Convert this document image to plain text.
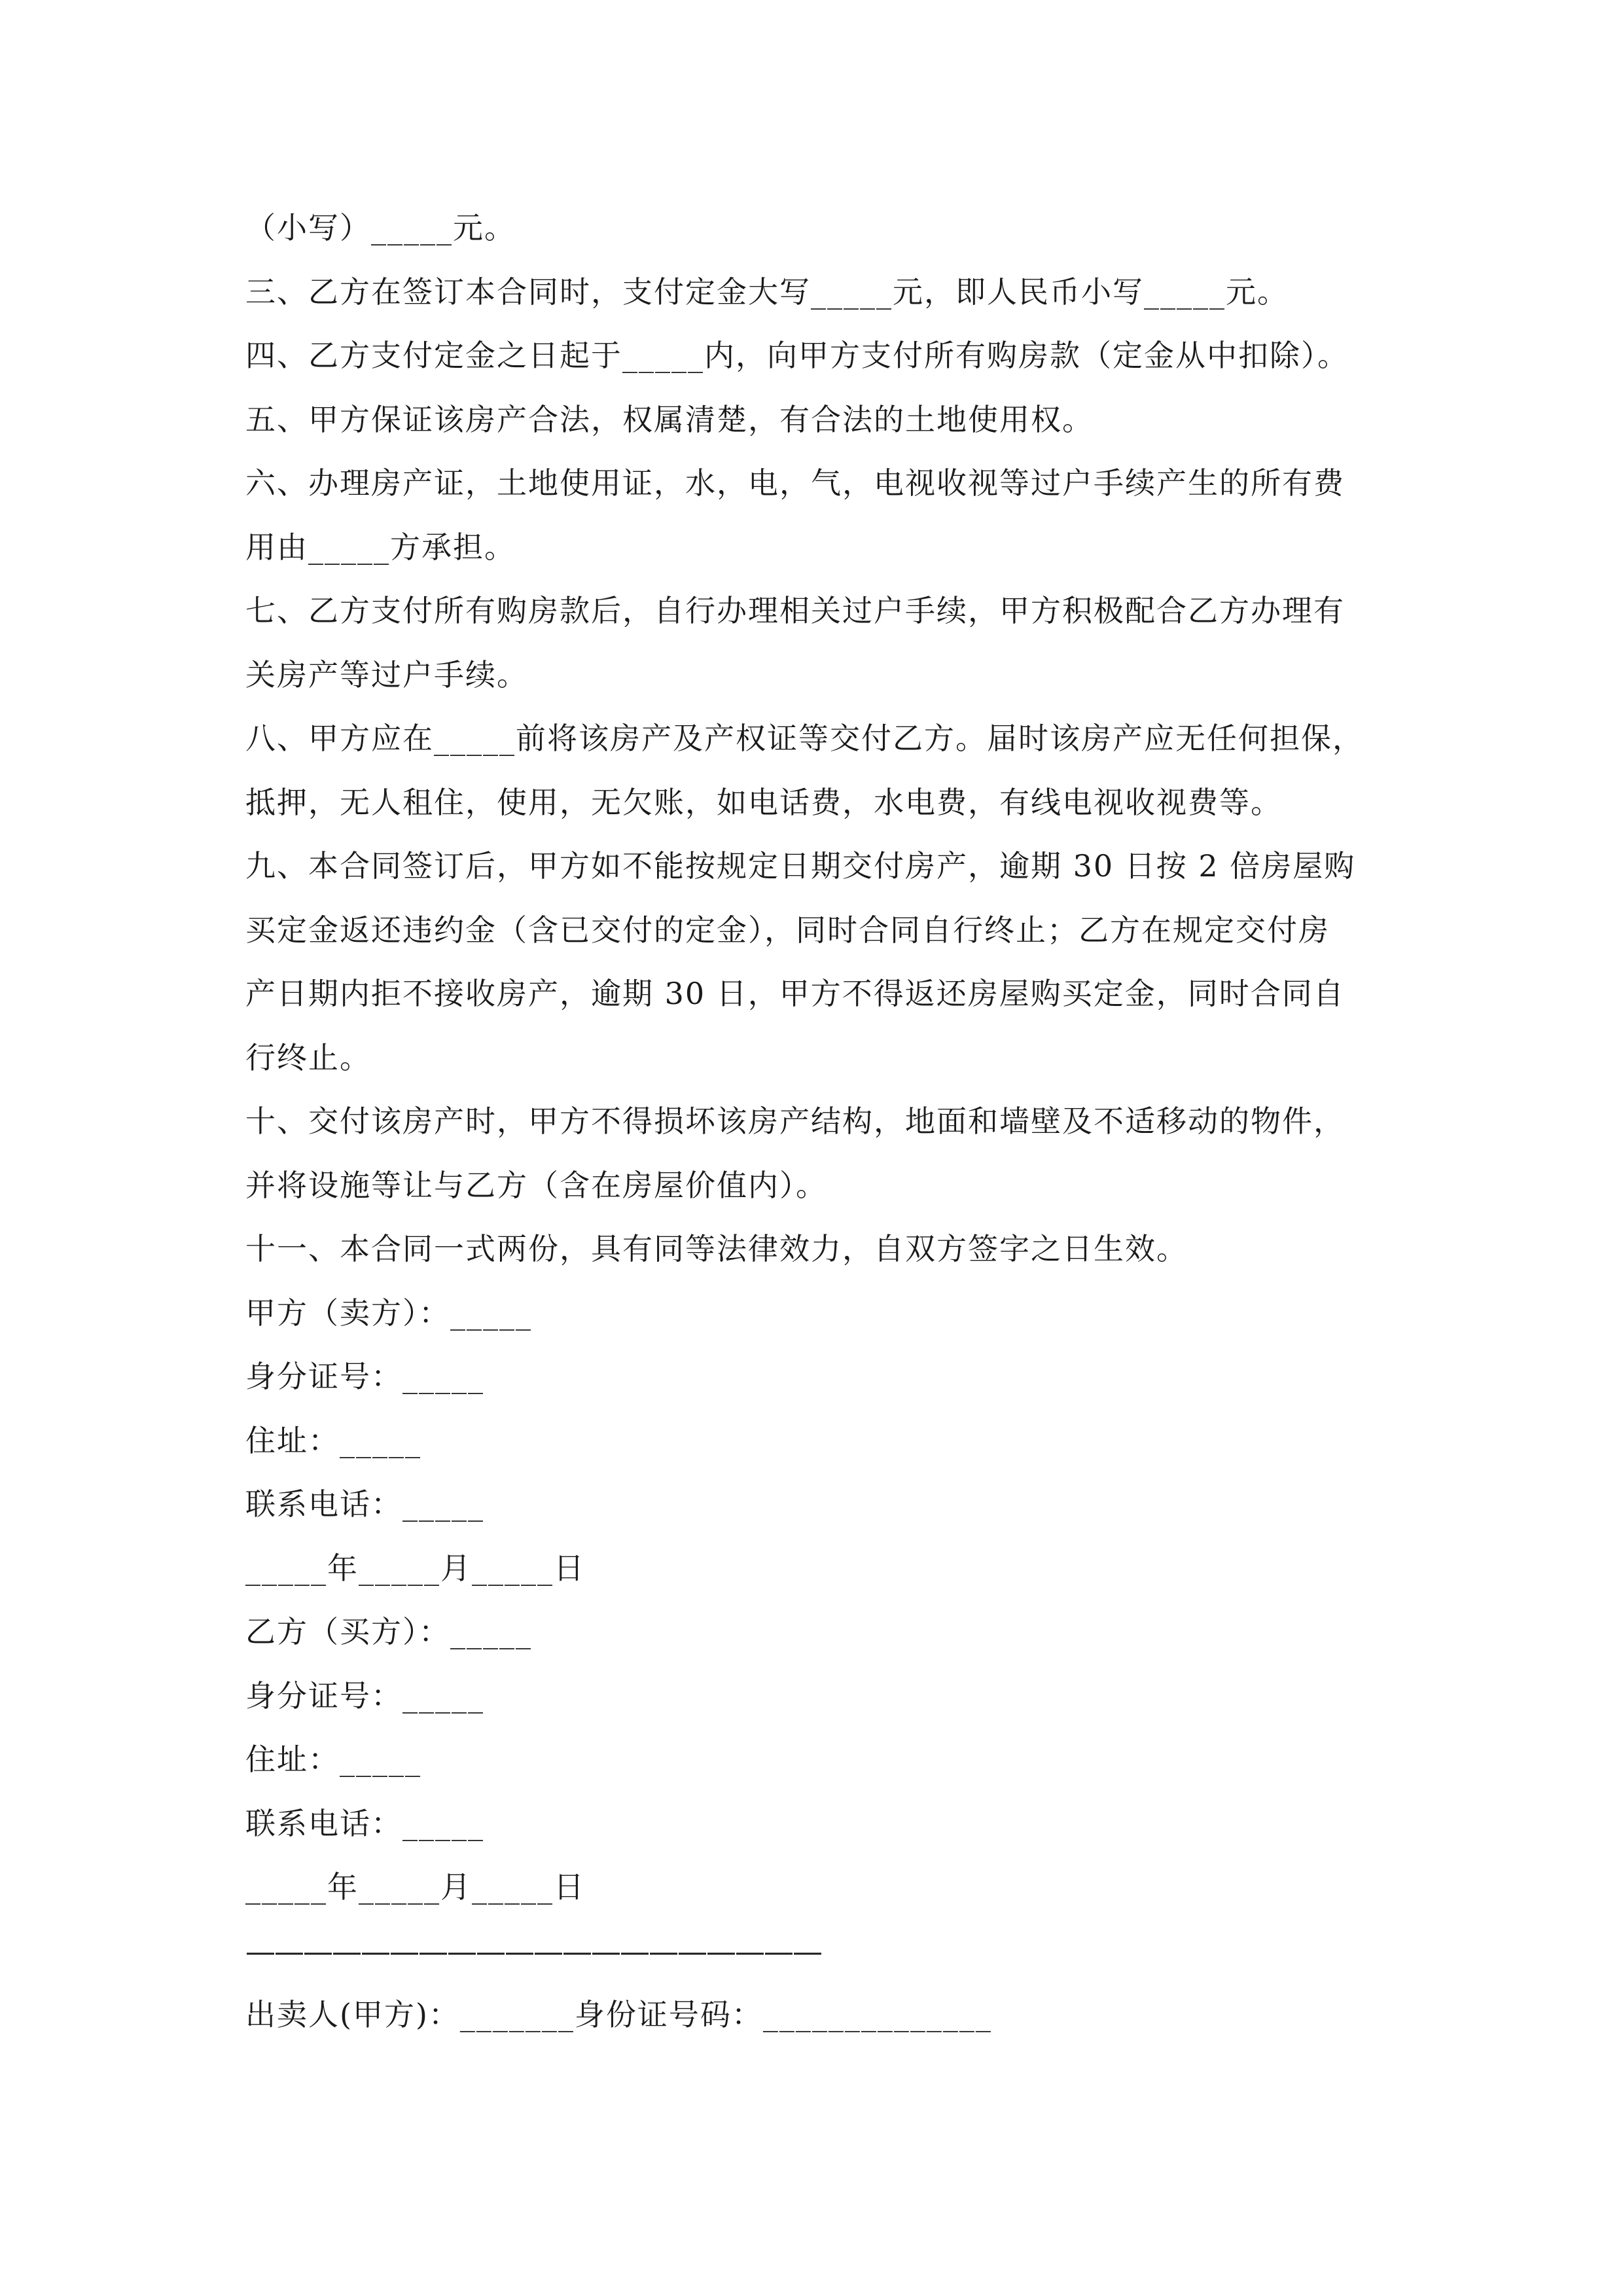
（小写）_____元。
三、乙方在签订本合同时，支付定金大写_____元，即人民币小写_____元。
四、乙方支付定金之日起于_____内，向甲方支付所有购房款（定金从中扣除）。
五、甲方保证该房产合法，权属清楚，有合法的土地使用权。
六、办理房产证，土地使用证，水，电，气，电视收视等过户手续产生的所有费
用由_____方承担。
七、乙方支付所有购房款后，自行办理相关过户手续，甲方积极配合乙方办理有
关房产等过户手续。
八、甲方应在_____前将该房产及产权证等交付乙方。届时该房产应无任何担保，
抵押，无人租住，使用，无欠账，如电话费，水电费，有线电视收视费等。
九、本合同签订后，甲方如不能按规定日期交付房产，逾期 30 日按 2 倍房屋购
买定金返还违约金（含已交付的定金），同时合同自行终止；乙方在规定交付房
产日期内拒不接收房产，逾期 30 日，甲方不得返还房屋购买定金，同时合同自
行终止。
十、交付该房产时，甲方不得损坏该房产结构，地面和墙壁及不适移动的物件，
并将设施等让与乙方（含在房屋价值内）。
十一、本合同一式两份，具有同等法律效力，自双方签字之日生效。
甲方（卖方）：_____
身分证号：_____
住址：_____
联系电话：_____
_____年_____月_____日
乙方（买方）：_____
身分证号：_____
住址：_____
联系电话：_____
_____年_____月_____日
————————————————————
出卖人(甲方)：_______身份证号码：______________
